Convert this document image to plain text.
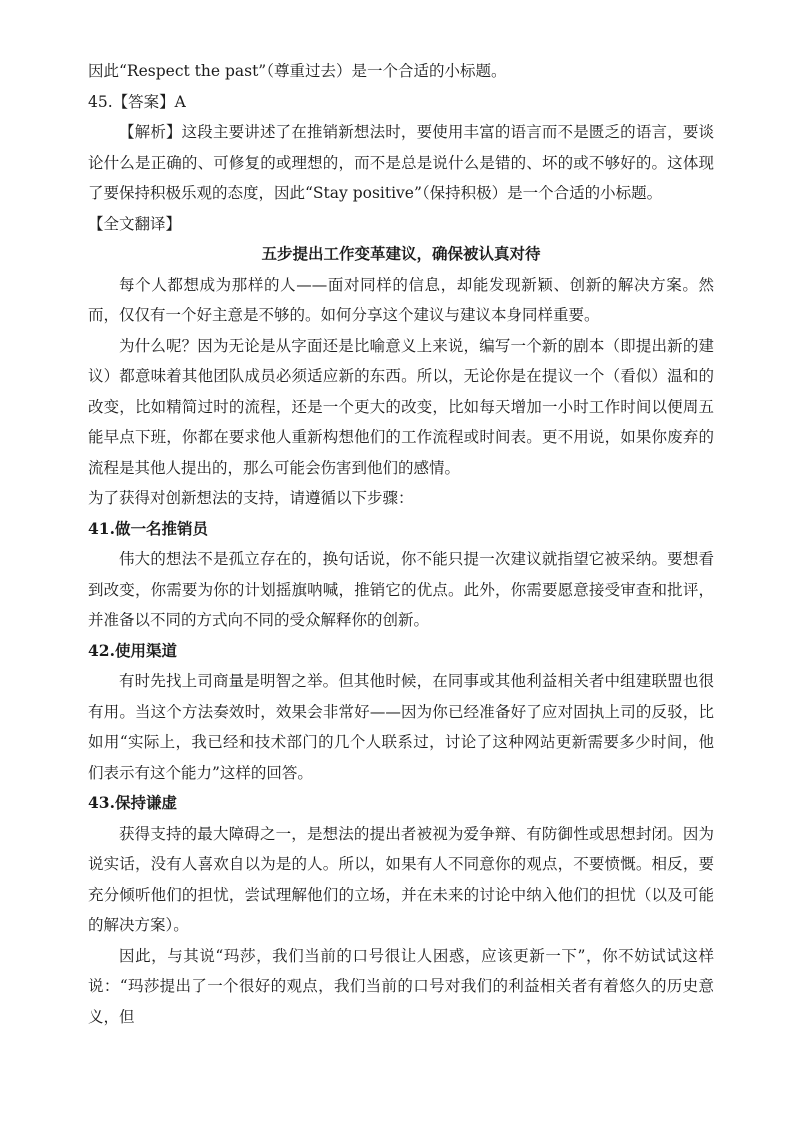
因此“Respect the past”（尊重过去）是一个合适的小标题。

45.【答案】A

【解析】这段主要讲述了在推销新想法时，要使用丰富的语言而不是匮乏的语言，要谈论什么是正确的、可修复的或理想的，而不是总是说什么是错的、坏的或不够好的。这体现了要保持积极乐观的态度，因此“Stay positive”（保持积极）是一个合适的小标题。

【全文翻译】

五步提出工作变革建议，确保被认真对待

每个人都想成为那样的人——面对同样的信息，却能发现新颖、创新的解决方案。然而，仅仅有一个好主意是不够的。如何分享这个建议与建议本身同样重要。

为什么呢？因为无论是从字面还是比喻意义上来说，编写一个新的剧本（即提出新的建议）都意味着其他团队成员必须适应新的东西。所以，无论你是在提议一个（看似）温和的改变，比如精简过时的流程，还是一个更大的改变，比如每天增加一小时工作时间以便周五能早点下班，你都在要求他人重新构想他们的工作流程或时间表。更不用说，如果你废弃的流程是其他人提出的，那么可能会伤害到他们的感情。

为了获得对创新想法的支持，请遵循以下步骤：

41.做一名推销员

伟大的想法不是孤立存在的，换句话说，你不能只提一次建议就指望它被采纳。要想看到改变，你需要为你的计划摇旗呐喊，推销它的优点。此外，你需要愿意接受审查和批评，并准备以不同的方式向不同的受众解释你的创新。

42.使用渠道

有时先找上司商量是明智之举。但其他时候，在同事或其他利益相关者中组建联盟也很有用。当这个方法奏效时，效果会非常好——因为你已经准备好了应对固执上司的反驳，比如用“实际上，我已经和技术部门的几个人联系过，讨论了这种网站更新需要多少时间，他们表示有这个能力”这样的回答。

43.保持谦虚

获得支持的最大障碍之一，是想法的提出者被视为爱争辩、有防御性或思想封闭。因为说实话，没有人喜欢自以为是的人。所以，如果有人不同意你的观点，不要愤慨。相反，要充分倾听他们的担忧，尝试理解他们的立场，并在未来的讨论中纳入他们的担忧（以及可能的解决方案）。

因此，与其说“玛莎，我们当前的口号很让人困惑，应该更新一下”，你不妨试试这样说：“玛莎提出了一个很好的观点，我们当前的口号对我们的利益相关者有着悠久的历史意义，但
